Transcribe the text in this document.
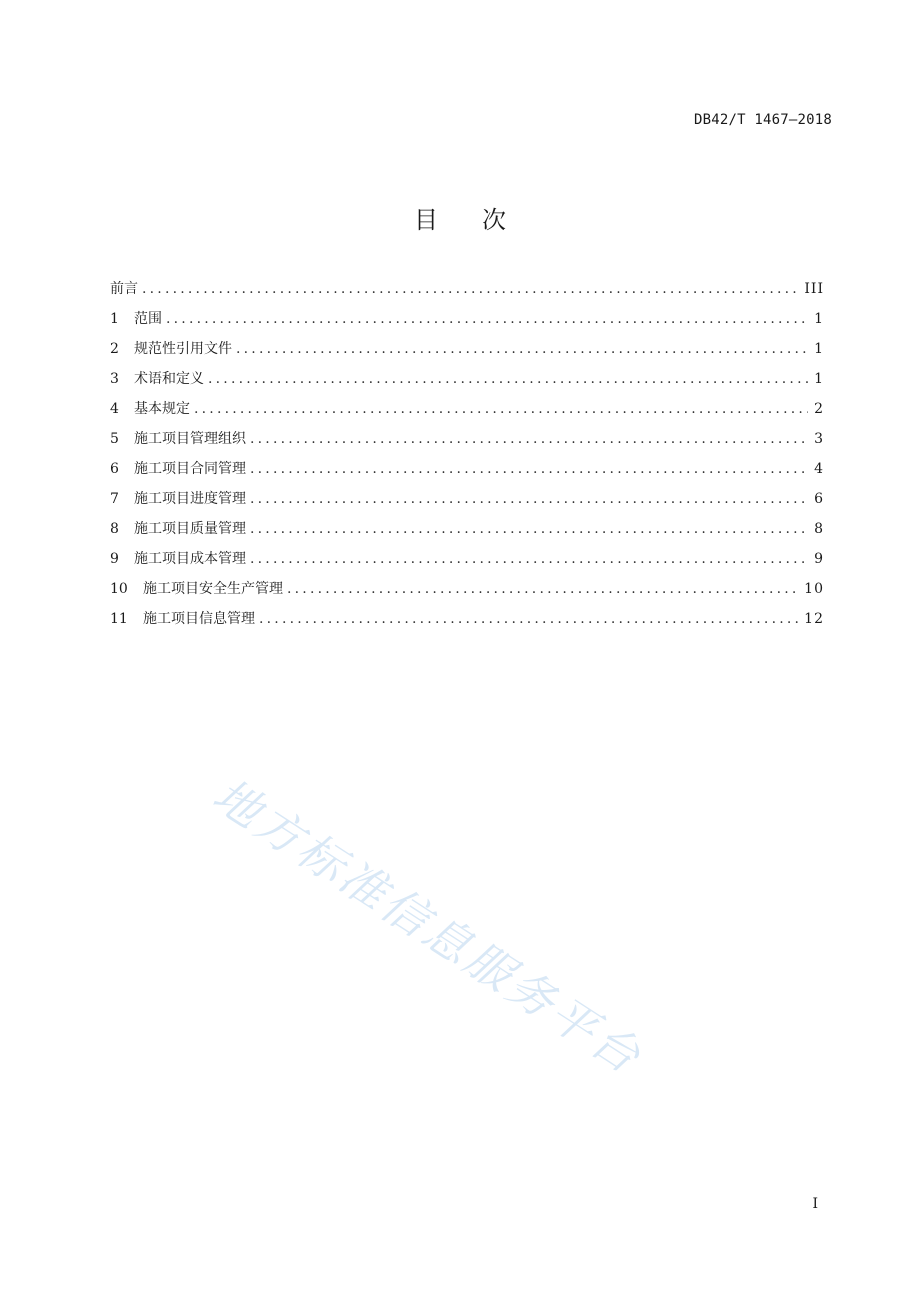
DB42/T 1467—2018
目次
前言 .....	III
1	范围 .....	1
2	规范性引用文件 .....	1
3	术语和定义 .....	1
4	基本规定 .....	2
5	施工项目管理组织 .....	3
6	施工项目合同管理 .....	4
7	施工项目进度管理 .....	6
8	施工项目质量管理 .....	8
9	施工项目成本管理 .....	9
10	施工项目安全生产管理 .....	10
11	施工项目信息管理 .....	12
地方标准信息服务平台
I
